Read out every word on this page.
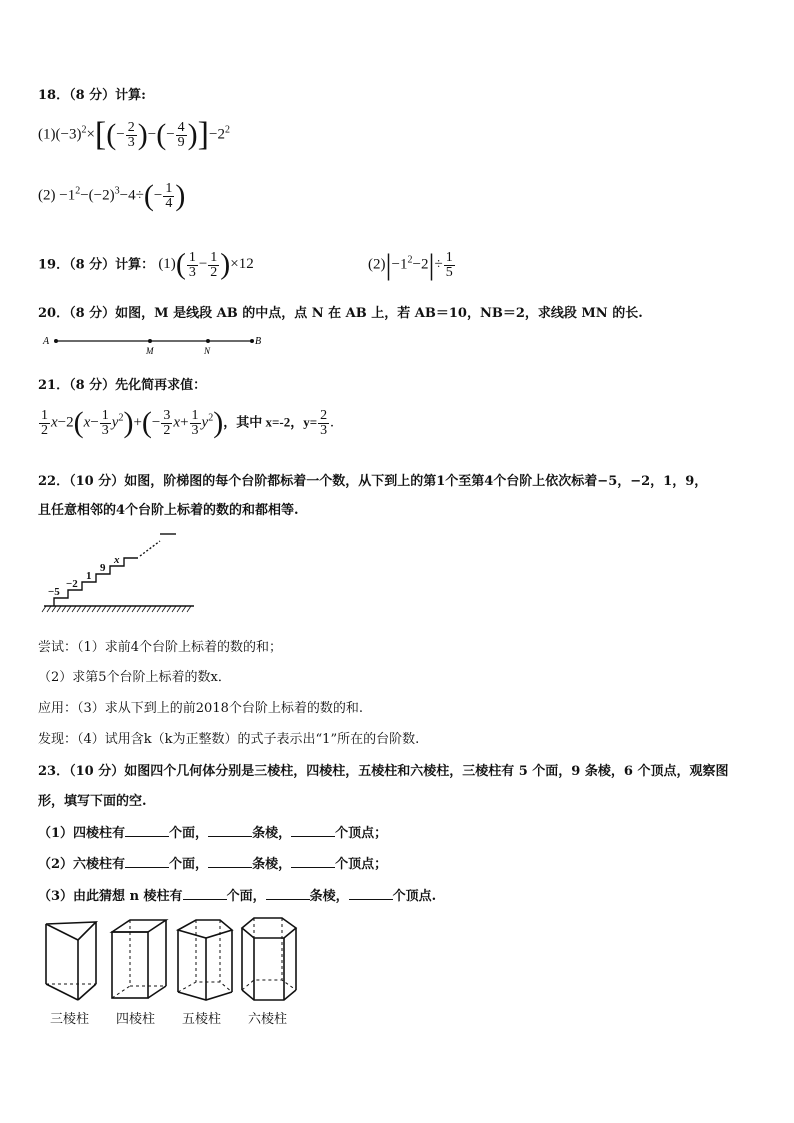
18．（8 分）计算:
$(1)(-3)^2\times[(- \frac{2}{3}$ )−(− $\frac{4}{9} )]-2^2$
$(2) -1^2-(-2)^3-4\div(- \frac{1}{4}$ )
19．（8 分）计算： $(1)( \frac{1}{3} - \frac{1}{2} )\times 12$	$(2)|-1^2-2|\div \frac{1}{5}$
20．（8 分）如图，M 是线段 AB 的中点，点 N 在 AB 上，若 AB＝10，NB＝2，求线段 MN 的长.
A
M	N
B
21．（8 分）先化简再求值：
$\frac{1}{2} x-2(x- \frac{1}{3} y^2)+(- \frac{3}{2} x+ \frac{1}{3} y^2)$，其中 x=-2，$y= \frac{2}{3}$ .
22．（10 分）如图，阶梯图的每个台阶都标着一个数，从下到上的第1个至第4个台阶上依次标着−5，−2，1，9，
且任意相邻的4个台阶上标着的数的和都相等.
−5
−2
1
9
x
尝试：（1）求前4个台阶上标着的数的和；
（2）求第5个台阶上标着的数x．
应用：（3）求从下到上的前2018个台阶上标着的数的和.
发现：（4）试用含k（k为正整数）的式子表示出“1”所在的台阶数.
23．（10 分）如图四个几何体分别是三棱柱，四棱柱，五棱柱和六棱柱，三棱柱有 5 个面，9 条棱，6 个顶点，观察图
形，填写下面的空.
（1）四棱柱有	个面，	条棱，	个顶点；
（2）六棱柱有	个面，	条棱，	个顶点；
（3）由此猜想 n 棱柱有	个面，	条棱，	个顶点.
三棱柱 四棱柱 五棱柱 六棱柱
